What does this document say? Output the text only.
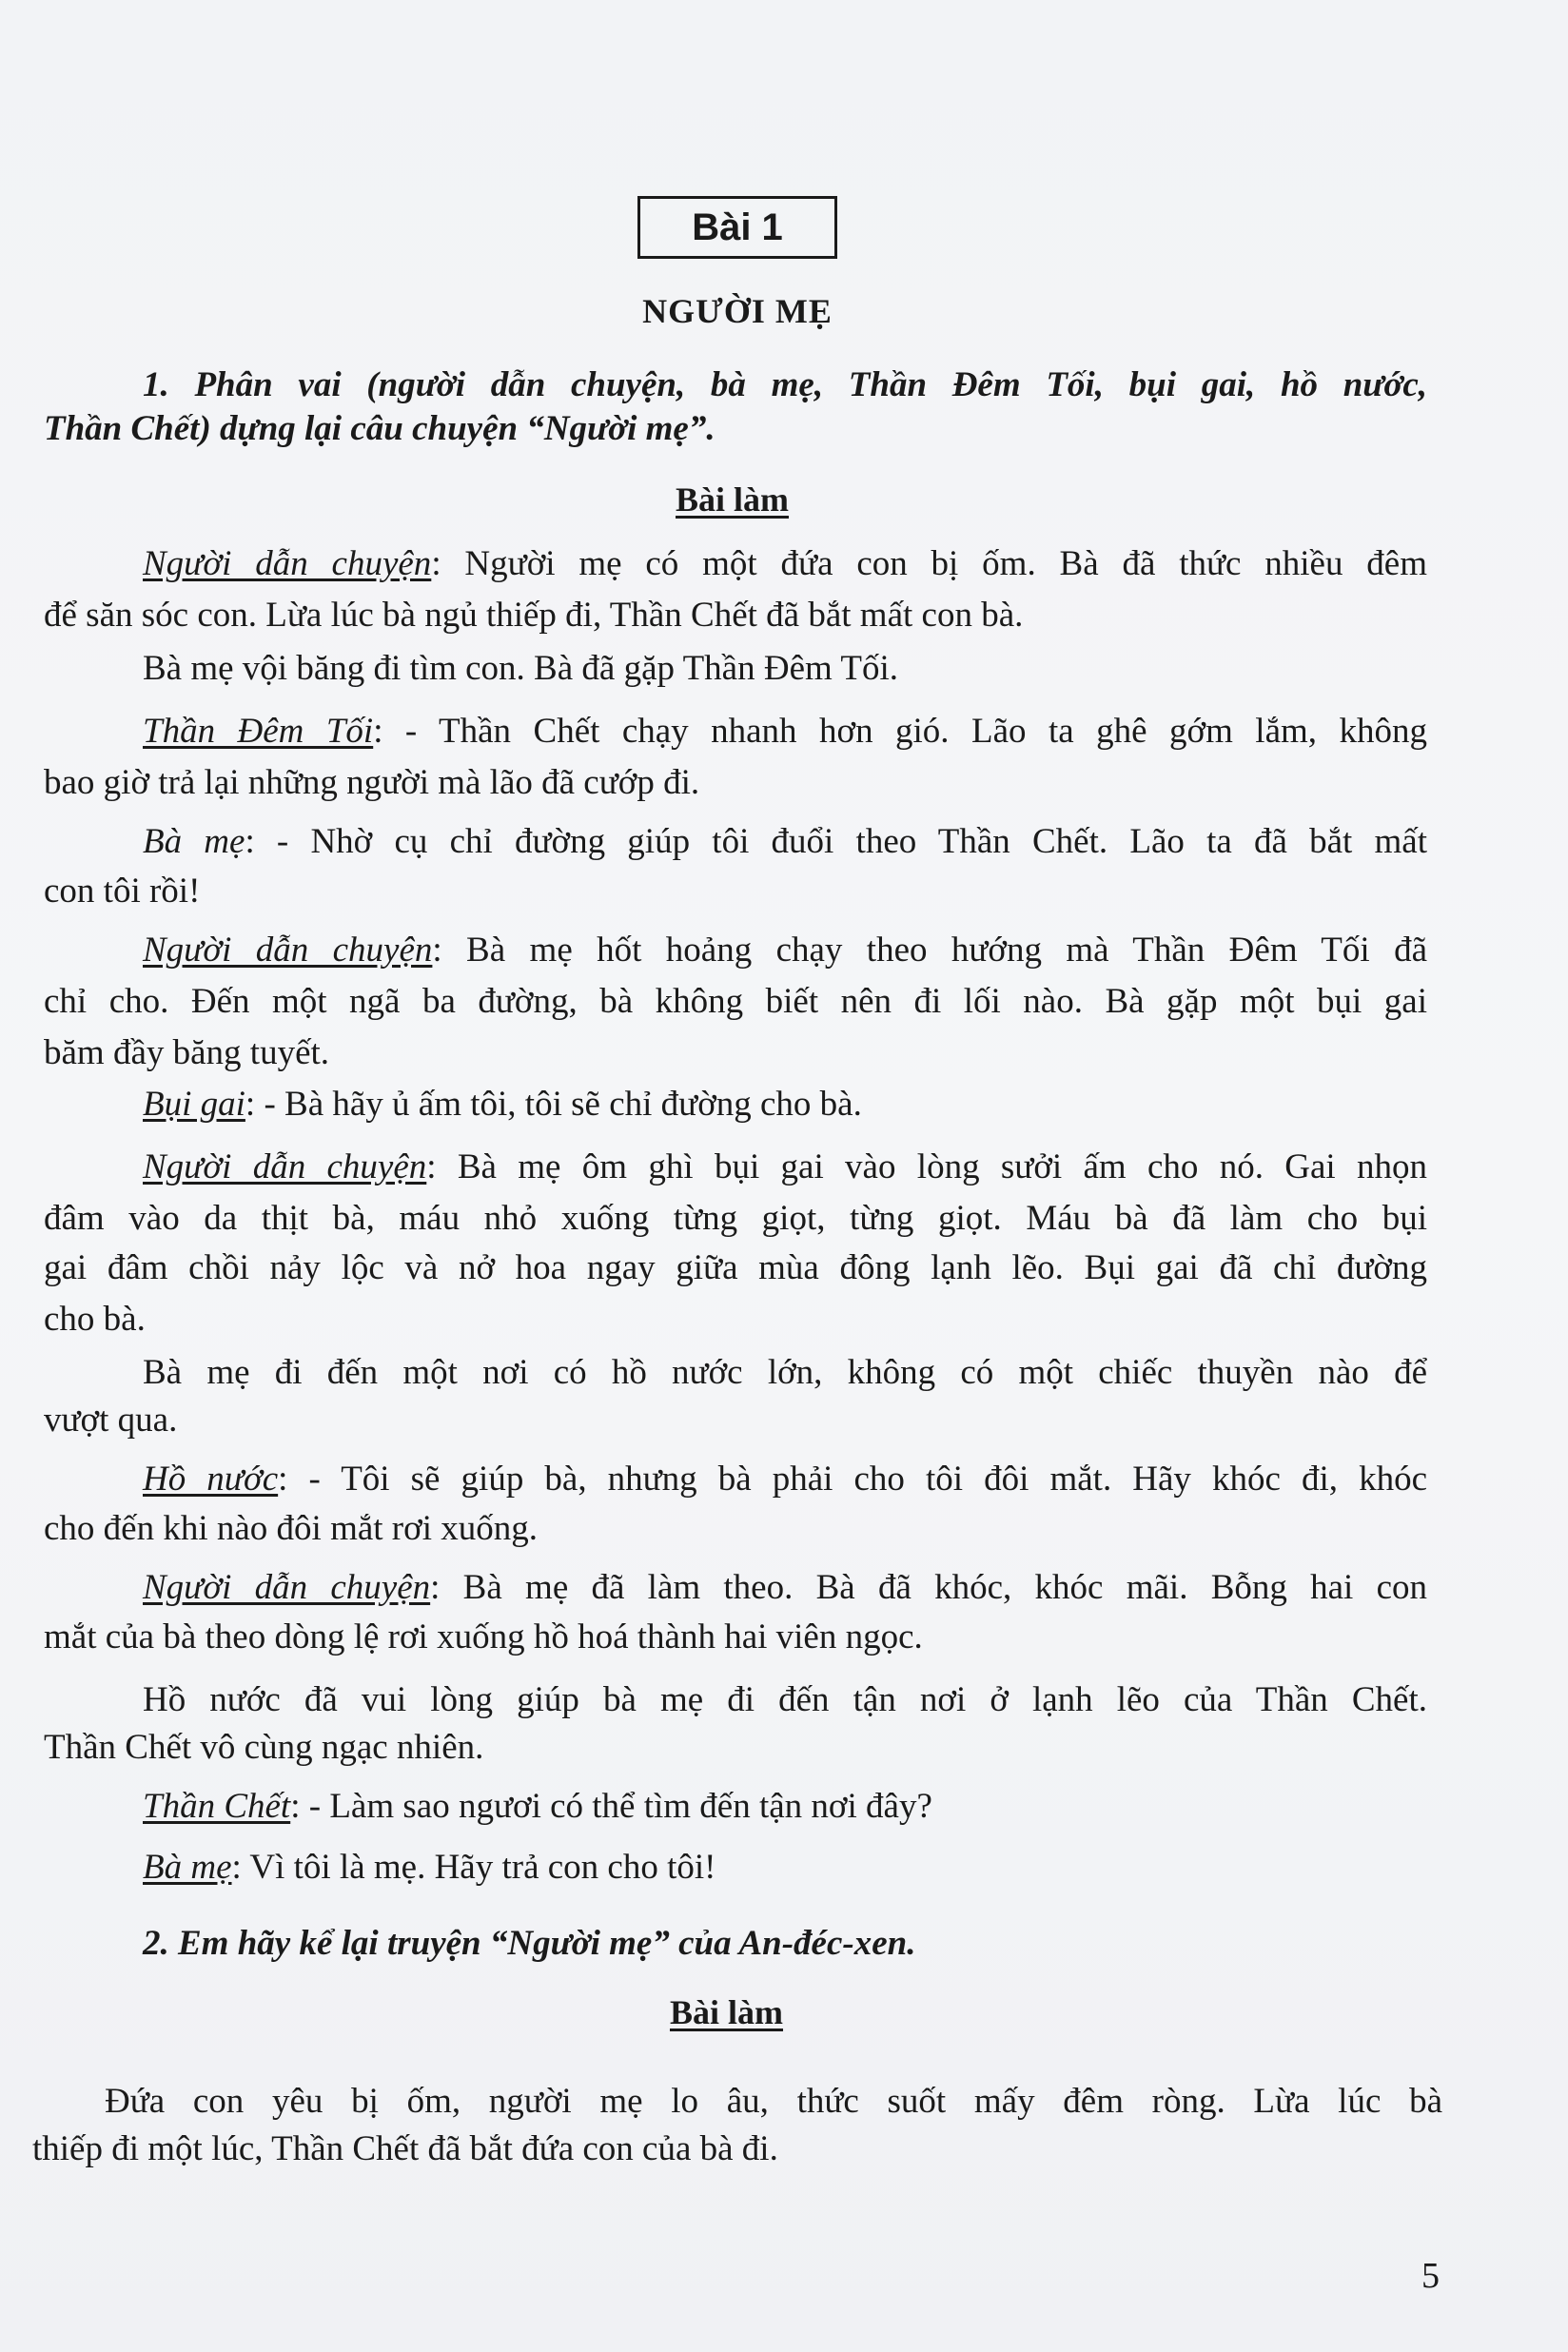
Bài 1
NGƯỜI MẸ
1. Phân vai (người dẫn chuyện, bà mẹ, Thần Đêm Tối, bụi gai, hồ nước,
Thần Chết) dựng lại câu chuyện “Người mẹ”.
Bài làm
Người dẫn chuyện: Người mẹ có một đứa con bị ốm. Bà đã thức nhiều đêm
để săn sóc con. Lừa lúc bà ngủ thiếp đi, Thần Chết đã bắt mất con bà.
Bà mẹ vội băng đi tìm con. Bà đã gặp Thần Đêm Tối.
Thần Đêm Tối: - Thần Chết chạy nhanh hơn gió. Lão ta ghê gớm lắm, không
bao giờ trả lại những người mà lão đã cướp đi.
Bà mẹ: - Nhờ cụ chỉ đường giúp tôi đuổi theo Thần Chết. Lão ta đã bắt mất
con tôi rồi!
Người dẫn chuyện: Bà mẹ hốt hoảng chạy theo hướng mà Thần Đêm Tối đã
chỉ cho. Đến một ngã ba đường, bà không biết nên đi lối nào. Bà gặp một bụi gai
băm đầy băng tuyết.
Bụi gai: - Bà hãy ủ ấm tôi, tôi sẽ chỉ đường cho bà.
Người dẫn chuyện: Bà mẹ ôm ghì bụi gai vào lòng sưởi ấm cho nó. Gai nhọn
đâm vào da thịt bà, máu nhỏ xuống từng giọt, từng giọt. Máu bà đã làm cho bụi
gai đâm chồi nảy lộc và nở hoa ngay giữa mùa đông lạnh lẽo. Bụi gai đã chỉ đường
cho bà.
Bà mẹ đi đến một nơi có hồ nước lớn, không có một chiếc thuyền nào để
vượt qua.
Hồ nước: - Tôi sẽ giúp bà, nhưng bà phải cho tôi đôi mắt. Hãy khóc đi, khóc
cho đến khi nào đôi mắt rơi xuống.
Người dẫn chuyện: Bà mẹ đã làm theo. Bà đã khóc, khóc mãi. Bỗng hai con
mắt của bà theo dòng lệ rơi xuống hồ hoá thành hai viên ngọc.
Hồ nước đã vui lòng giúp bà mẹ đi đến tận nơi ở lạnh lẽo của Thần Chết.
Thần Chết vô cùng ngạc nhiên.
Thần Chết: - Làm sao ngươi có thể tìm đến tận nơi đây?
Bà mẹ: Vì tôi là mẹ. Hãy trả con cho tôi!
2. Em hãy kể lại truyện “Người mẹ” của An-đéc-xen.
Bài làm
Đứa con yêu bị ốm, người mẹ lo âu, thức suốt mấy đêm ròng. Lừa lúc bà
thiếp đi một lúc, Thần Chết đã bắt đứa con của bà đi.
5
